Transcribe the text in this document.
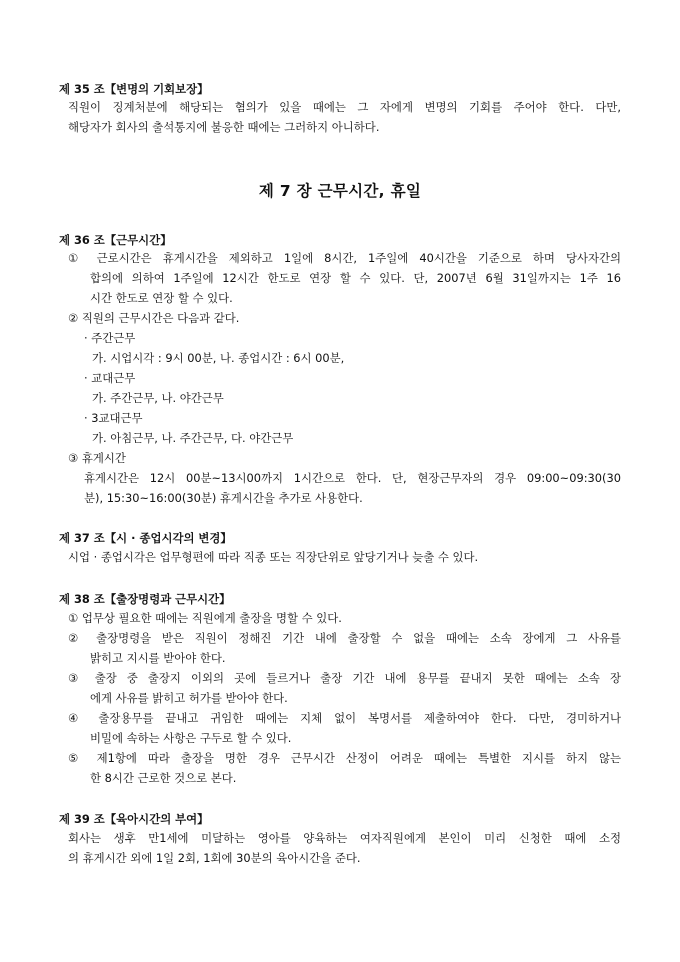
제 35 조【변명의 기회보장】
직원이 징계처분에 해당되는 혐의가 있을 때에는 그 자에게 변명의 기회를 주어야 한다. 다만,
해당자가 회사의 출석통지에 불응한 때에는 그러하지 아니하다.
제 7 장 근무시간, 휴일
제 36 조【근무시간】
① 근로시간은 휴게시간을 제외하고 1일에 8시간, 1주일에 40시간을 기준으로 하며 당사자간의
합의에 의하여 1주일에 12시간 한도로 연장 할 수 있다. 단, 2007년 6월 31일까지는 1주 16
시간 한도로 연장 할 수 있다.
② 직원의 근무시간은 다음과 같다.
· 주간근무
가. 시업시각 : 9시 00분, 나. 종업시간 : 6시 00분,
· 교대근무
가. 주간근무, 나. 야간근무
· 3교대근무
가. 아침근무, 나. 주간근무, 다. 야간근무
③ 휴게시간
휴게시간은 12시 00분~13시00까지 1시간으로 한다. 단, 현장근무자의 경우 09:00~09:30(30
분), 15:30~16:00(30분) 휴게시간을 추가로 사용한다.
제 37 조【시 · 종업시각의 변경】
시업 · 종업시각은 업무형편에 따라 직종 또는 직장단위로 앞당기거나 늦출 수 있다.
제 38 조【출장명령과 근무시간】
① 업무상 필요한 때에는 직원에게 출장을 명할 수 있다.
② 출장명령을 받은 직원이 정해진 기간 내에 출장할 수 없을 때에는 소속 장에게 그 사유를
밝히고 지시를 받아야 한다.
③ 출장 중 출장지 이외의 곳에 들르거나 출장 기간 내에 용무를 끝내지 못한 때에는 소속 장
에게 사유를 밝히고 허가를 받아야 한다.
④ 출장용무를 끝내고 귀임한 때에는 지체 없이 복명서를 제출하여야 한다. 다만, 경미하거나
비밀에 속하는 사항은 구두로 할 수 있다.
⑤ 제1항에 따라 출장을 명한 경우 근무시간 산정이 어려운 때에는 특별한 지시를 하지 않는
한 8시간 근로한 것으로 본다.
제 39 조【육아시간의 부여】
회사는 생후 만1세에 미달하는 영아를 양육하는 여자직원에게 본인이 미리 신청한 때에 소정
의 휴게시간 외에 1일 2회, 1회에 30분의 육아시간을 준다.
